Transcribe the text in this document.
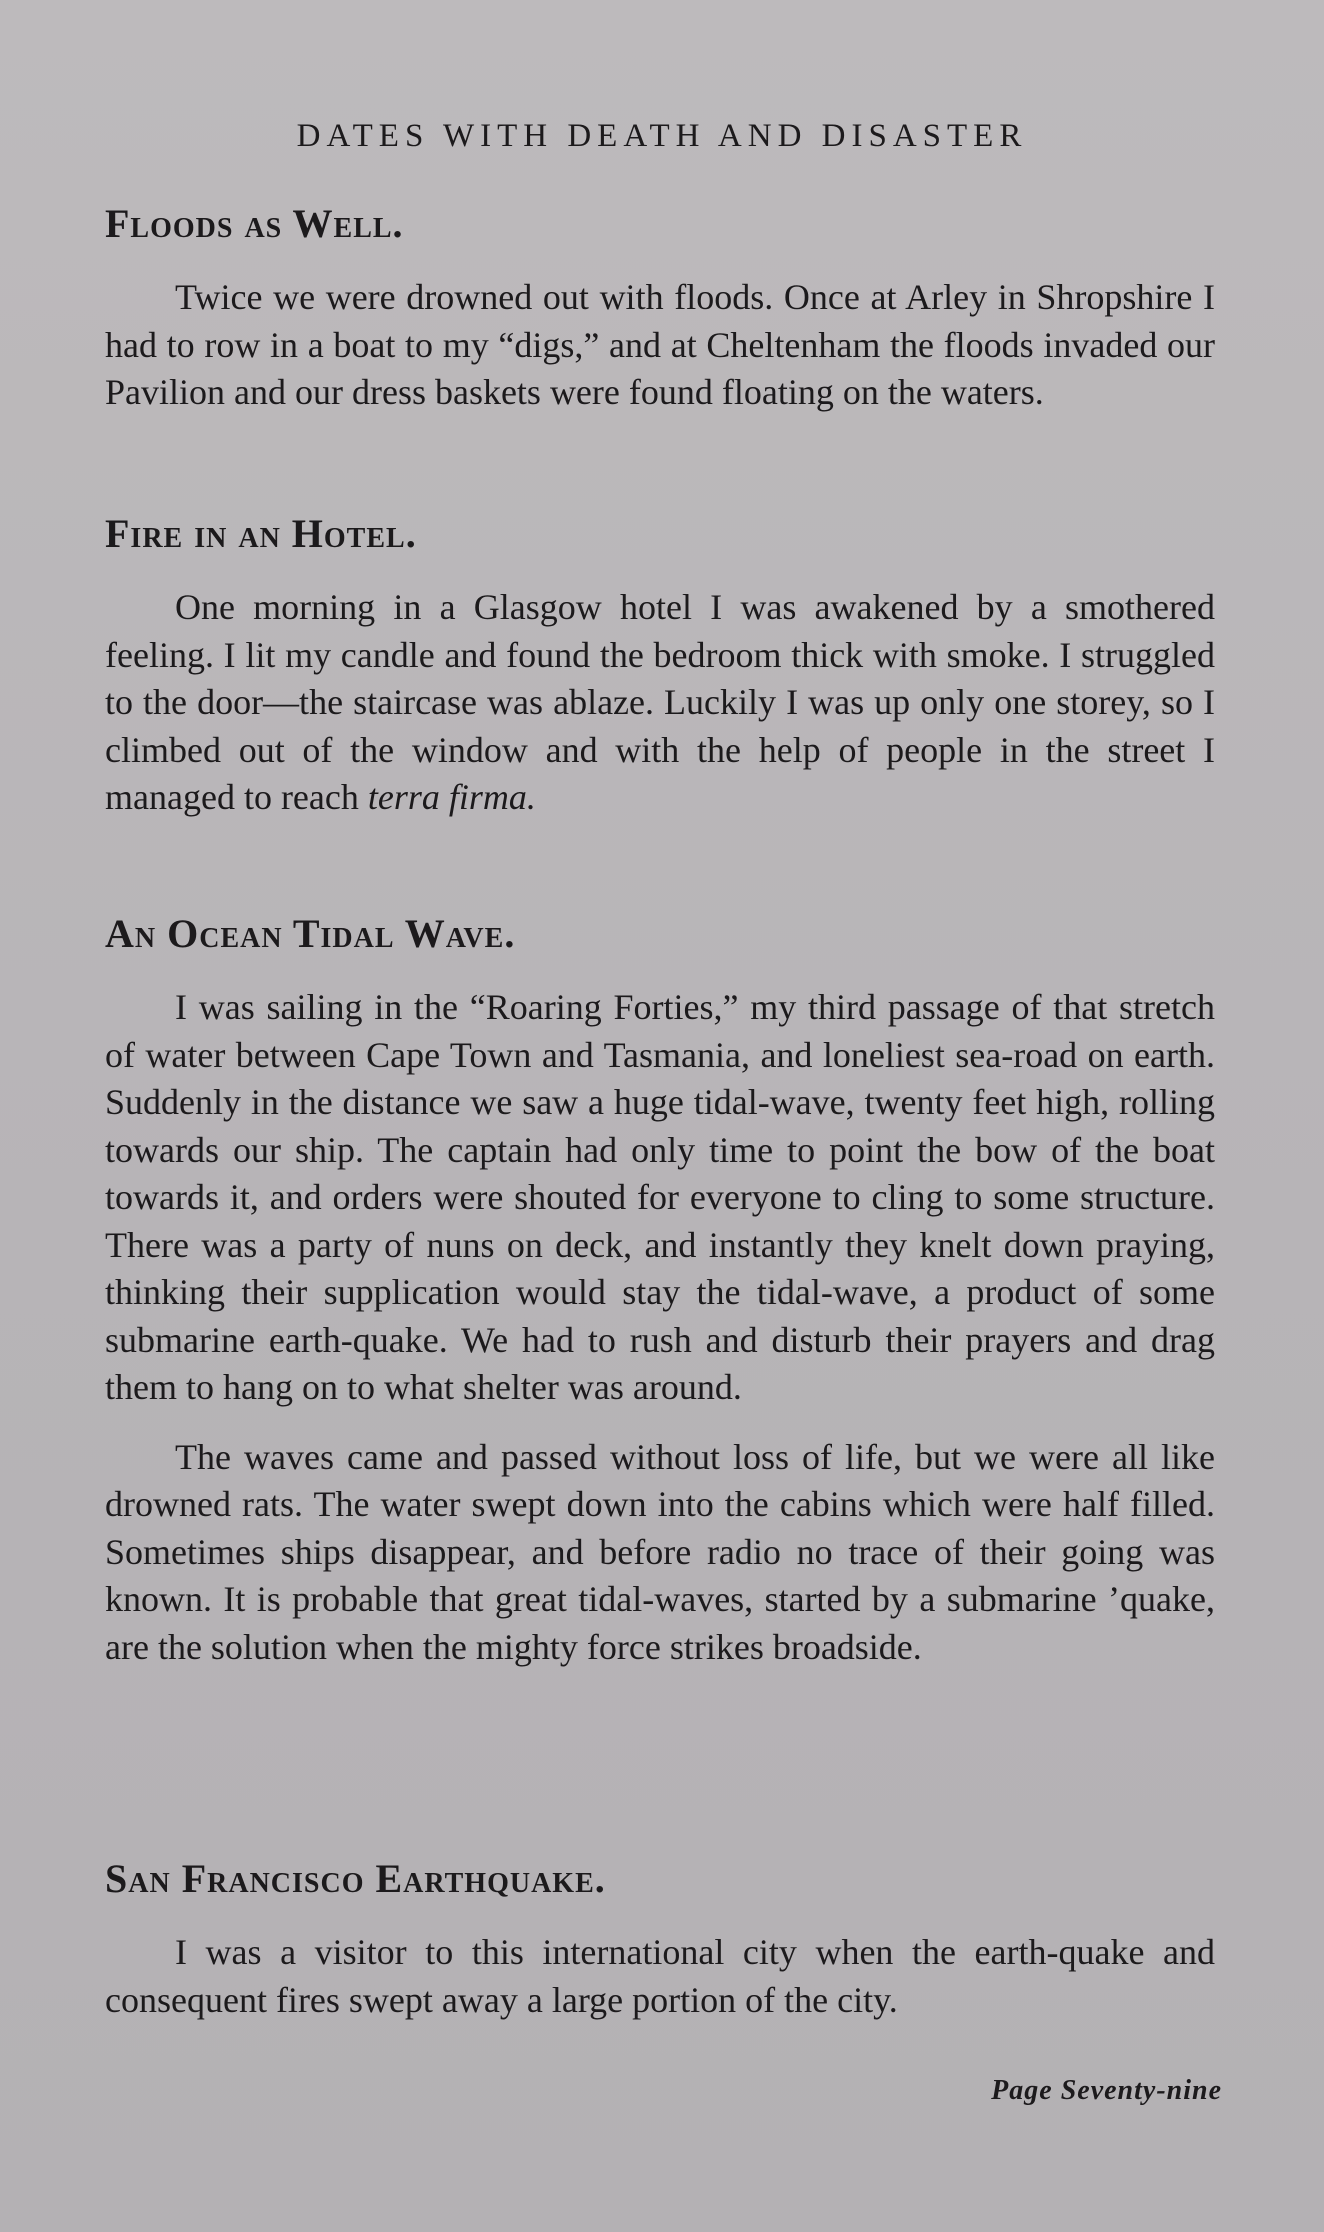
DATES WITH DEATH AND DISASTER
Floods as Well.

Twice we were drowned out with floods. Once at Arley in Shropshire I had to row in a boat to my “digs,” and at Cheltenham the floods invaded our Pavilion and our dress baskets were found floating on the waters.

Fire in an Hotel.

One morning in a Glasgow hotel I was awakened by a smothered feeling. I lit my candle and found the bedroom thick with smoke. I struggled to the door—the staircase was ablaze. Luckily I was up only one storey, so I climbed out of the window and with the help of people in the street I managed to reach terra firma.

An Ocean Tidal Wave.

I was sailing in the “Roaring Forties,” my third passage of that stretch of water between Cape Town and Tasmania, and loneliest sea-road on earth. Suddenly in the distance we saw a huge tidal-wave, twenty feet high, rolling towards our ship. The captain had only time to point the bow of the boat towards it, and orders were shouted for everyone to cling to some structure. There was a party of nuns on deck, and instantly they knelt down praying, thinking their supplication would stay the tidal-wave, a product of some submarine earth-quake. We had to rush and disturb their prayers and drag them to hang on to what shelter was around.

The waves came and passed without loss of life, but we were all like drowned rats. The water swept down into the cabins which were half filled. Sometimes ships disappear, and before radio no trace of their going was known. It is probable that great tidal-waves, started by a submarine ’quake, are the solution when the mighty force strikes broadside.

San Francisco Earthquake.

I was a visitor to this international city when the earth-quake and consequent fires swept away a large portion of the city.

Page Seventy-nine
